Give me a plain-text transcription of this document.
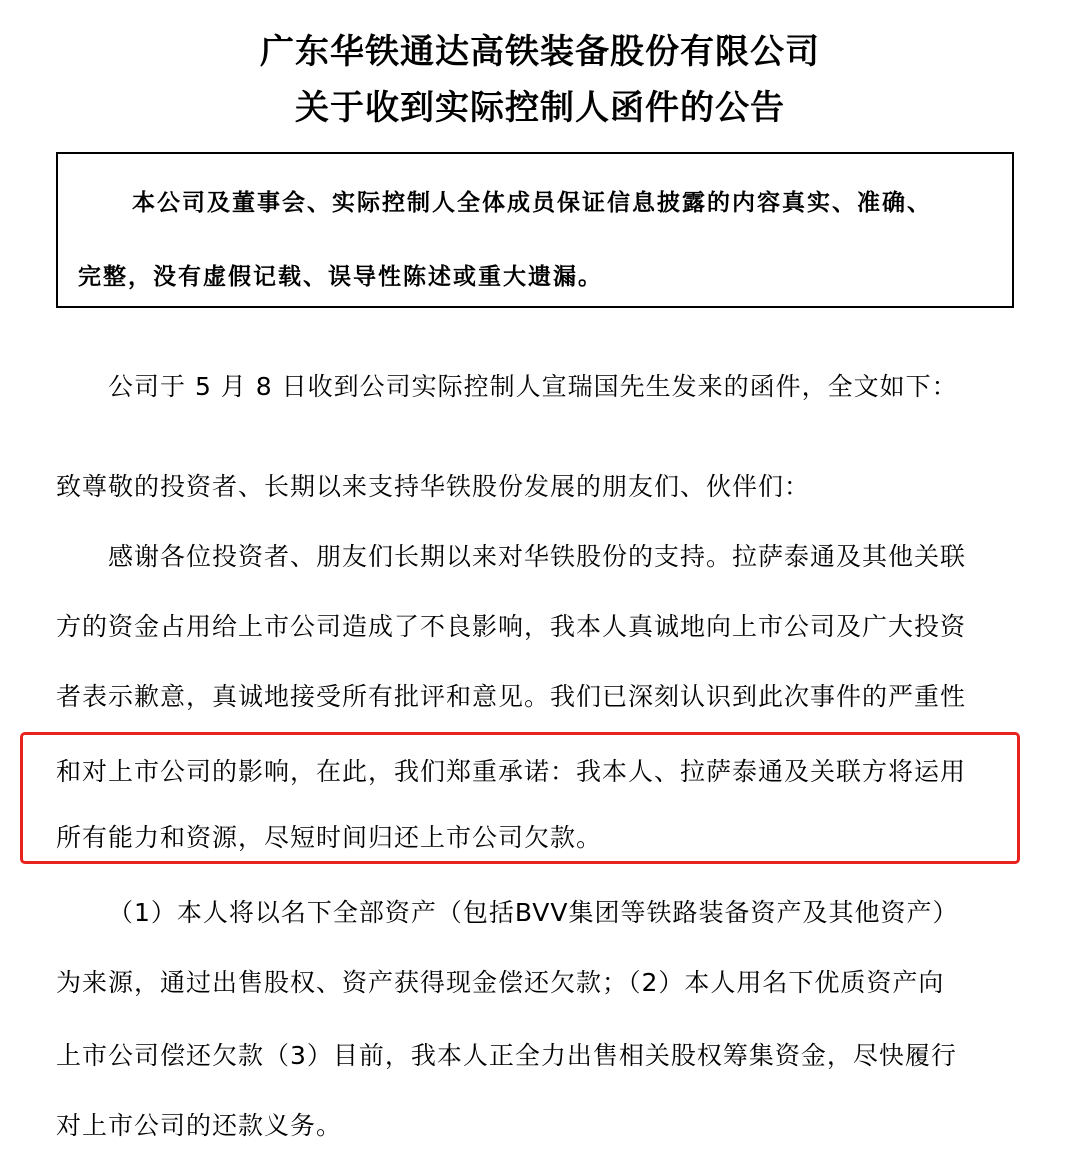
广东华铁通达高铁装备股份有限公司
关于收到实际控制人函件的公告
本公司及董事会、实际控制人全体成员保证信息披露的内容真实、准确、
完整，没有虚假记载、误导性陈述或重大遗漏。
公司于 5 月 8 日收到公司实际控制人宣瑞国先生发来的函件，全文如下：
致尊敬的投资者、长期以来支持华铁股份发展的朋友们、伙伴们：
感谢各位投资者、朋友们长期以来对华铁股份的支持。拉萨泰通及其他关联
方的资金占用给上市公司造成了不良影响，我本人真诚地向上市公司及广大投资
者表示歉意，真诚地接受所有批评和意见。我们已深刻认识到此次事件的严重性
和对上市公司的影响，在此，我们郑重承诺：我本人、拉萨泰通及关联方将运用
所有能力和资源，尽短时间归还上市公司欠款。
（1）本人将以名下全部资产（包括BVV集团等铁路装备资产及其他资产）
为来源，通过出售股权、资产获得现金偿还欠款；（2）本人用名下优质资产向
上市公司偿还欠款（3）目前，我本人正全力出售相关股权筹集资金，尽快履行
对上市公司的还款义务。
